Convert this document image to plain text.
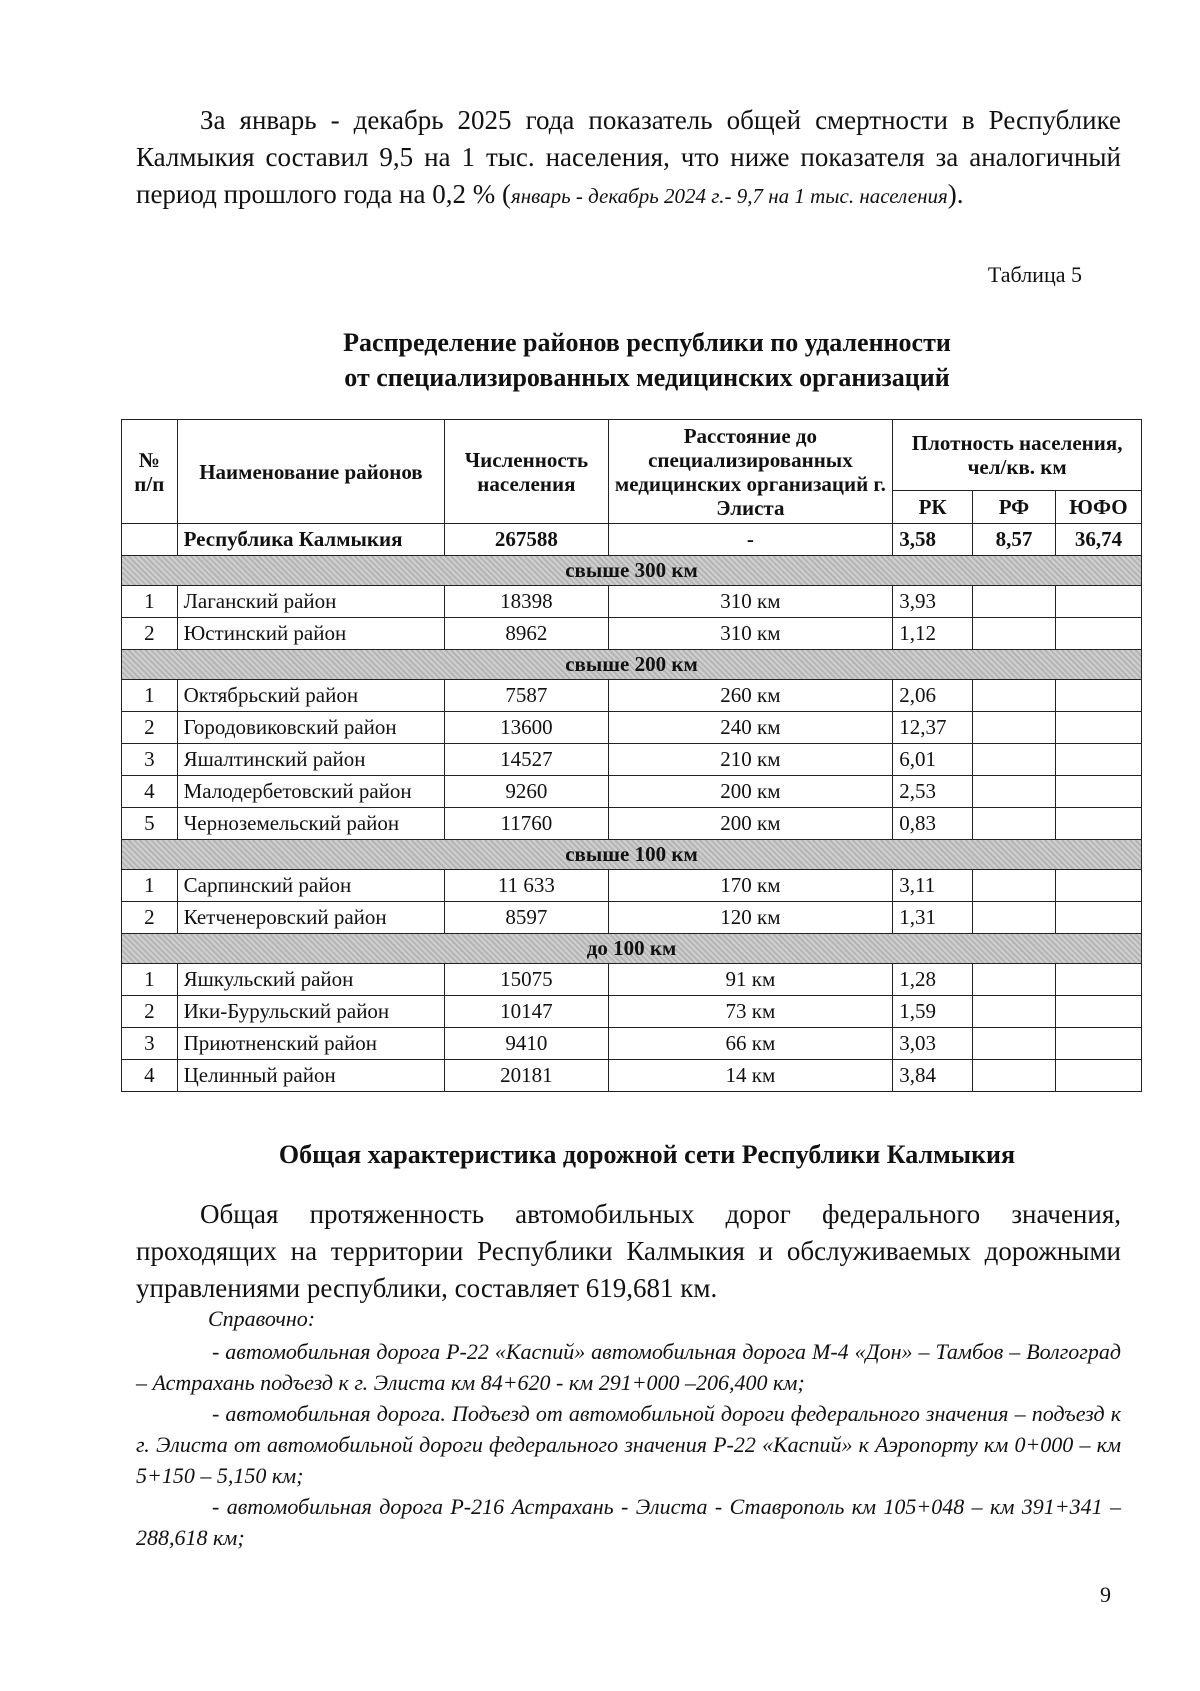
За январь - декабрь 2025 года показатель общей смертности в Республике Калмыкия составил 9,5 на 1 тыс. населения, что ниже показателя за аналогичный период прошлого года на 0,2 % (январь - декабрь 2024 г.- 9,7 на 1 тыс. населения).

Таблица 5

Распределение районов республики по удаленности
от специализированных медицинских организаций
№ п/п	Наименование районов	Численность населения	Расстояние до специализированных медицинских организаций г. Элиста	Плотность населения, чел/кв. км		
				РК	РФ	ЮФО
	Республика Калмыкия	267588	-	3,58	8,57	36,74
свыше 300 км						
1	Лаганский район	18398	310 км	3,93		
2	Юстинский район	8962	310 км	1,12		
свыше 200 км						
1	Октябрьский район	7587	260 км	2,06		
2	Городовиковский район	13600	240 км	12,37		
3	Яшалтинский район	14527	210 км	6,01		
4	Малодербетовский район	9260	200 км	2,53		
5	Черноземельский район	11760	200 км	0,83		
свыше 100 км						
1	Сарпинский район	11 633	170 км	3,11		
2	Кетченеровский район	8597	120 км	1,31		
до 100 км						
1	Яшкульский район	15075	91 км	1,28		
2	Ики-Бурульский район	10147	73 км	1,59		
3	Приютненский район	9410	66 км	3,03		
4	Целинный район	20181	14 км	3,84		
Общая характеристика дорожной сети Республики Калмыкия

Общая протяженность автомобильных дорог федерального значения, проходящих на территории Республики Калмыкия и обслуживаемых дорожными управлениями республики, составляет 619,681 км.

Справочно:

- автомобильная дорога Р-22 «Каспий» автомобильная дорога М-4 «Дон» – Тамбов – Волгоград – Астрахань подъезд к г. Элиста км 84+620 - км 291+000 –206,400 км;
- автомобильная дорога. Подъезд от автомобильной дороги федерального значения – подъезд к г. Элиста от автомобильной дороги федерального значения Р-22 «Каспий» к Аэропорту км 0+000 – км 5+150 – 5,150 км;
- автомобильная дорога Р-216 Астрахань - Элиста - Ставрополь км 105+048 – км 391+341 – 288,618 км;

9
